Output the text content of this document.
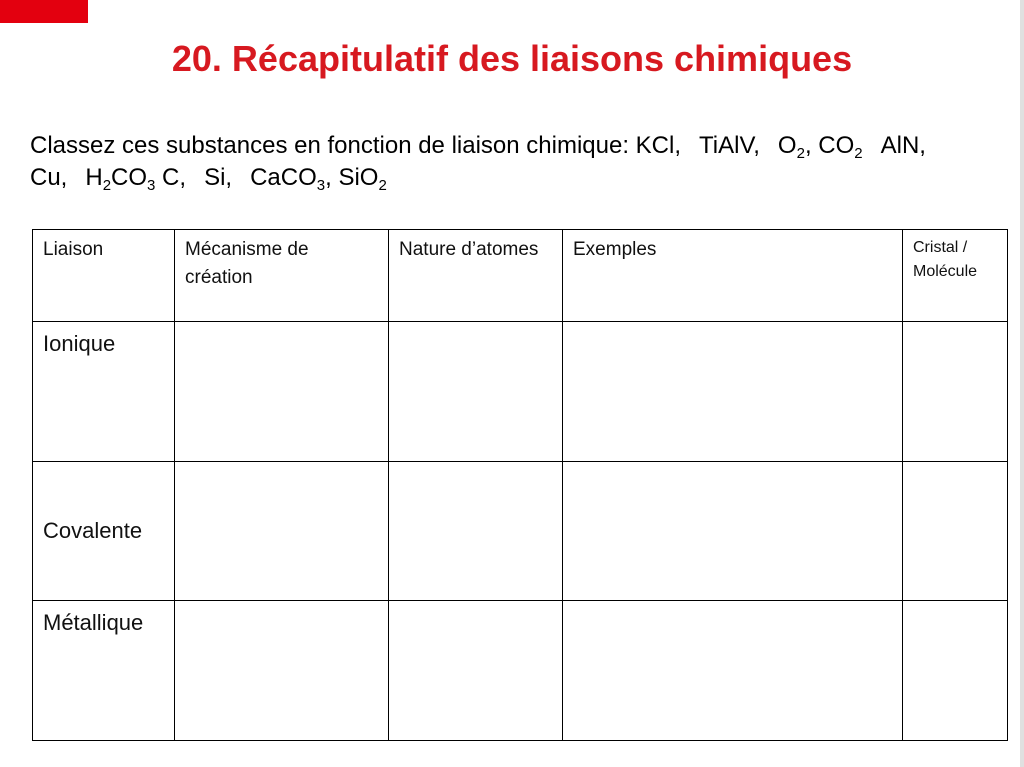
20. Récapitulatif des liaisons chimiques
Classez ces substances en fonction de liaison chimique: KCl, TiAlV, $O_2$, $CO_2$ AlN,
Cu, $H_2CO_3$ C, Si, CaCO$_3$, SiO$_2$
Liaison	Mécanisme de création	Nature d’atomes	Exemples	Cristal / Molécule
Ionique				
Covalente				
Métallique				
